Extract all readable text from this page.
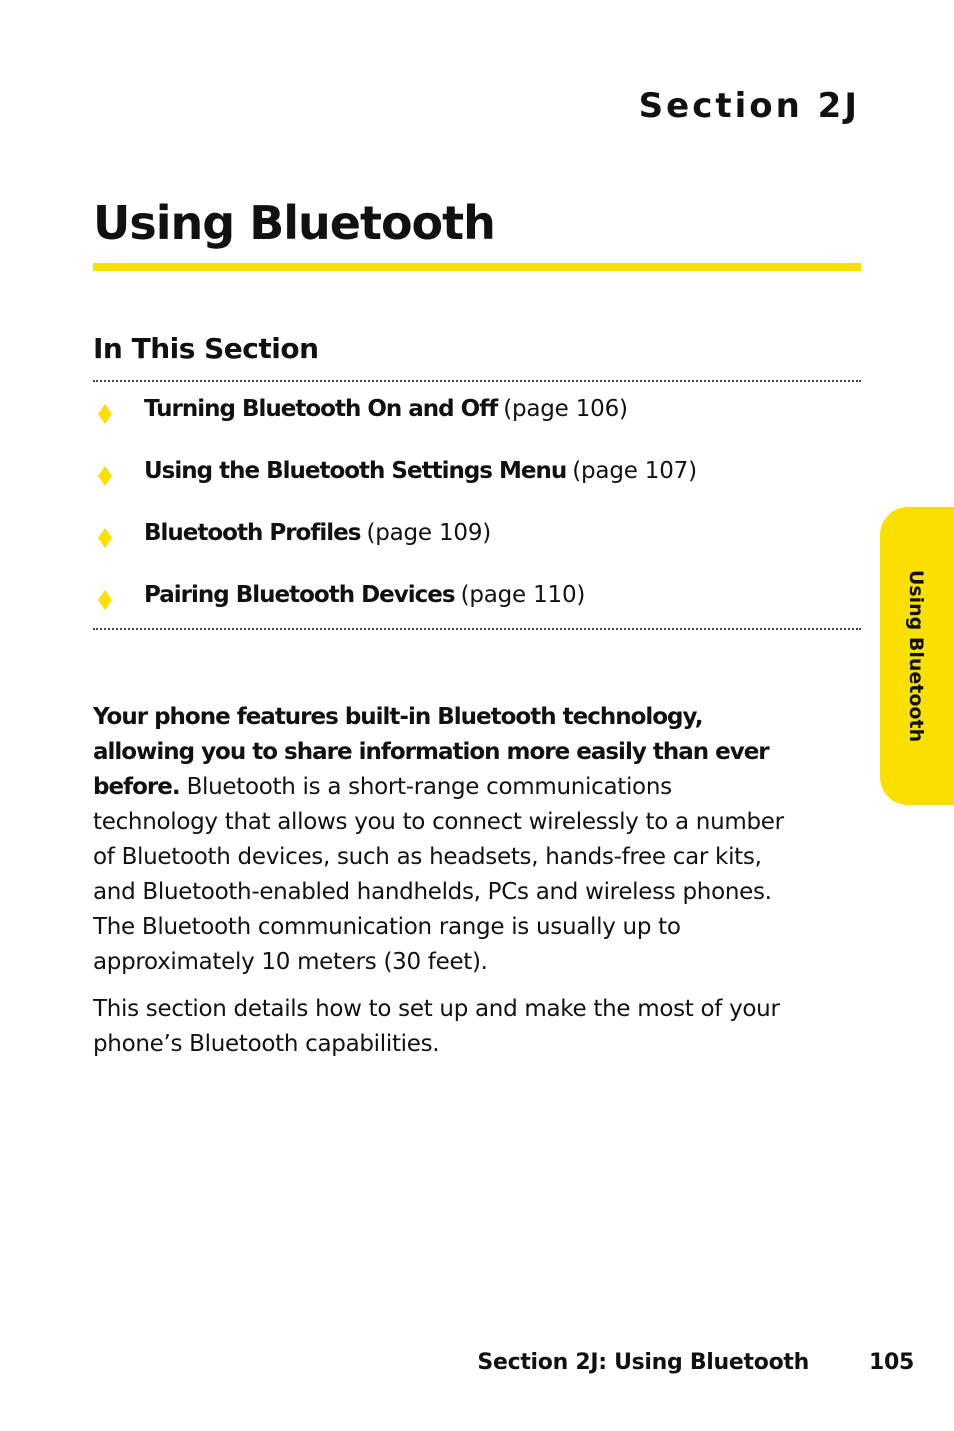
Section 2J
Using Bluetooth
In This Section
Turning Bluetooth On and Off (page 106)
Using the Bluetooth Settings Menu (page 107)
Bluetooth Profiles (page 109)
Pairing Bluetooth Devices (page 110)

Your phone features built-in Bluetooth technology, allowing you to share information more easily than ever before. Bluetooth is a short-range communications technology that allows you to connect wirelessly to a number of Bluetooth devices, such as headsets, hands-free car kits, and Bluetooth-enabled handhelds, PCs and wireless phones. The Bluetooth communication range is usually up to approximately 10 meters (30 feet).

This section details how to set up and make the most of your phone’s Bluetooth capabilities.

Using Bluetooth
Section 2J: Using Bluetooth	105
